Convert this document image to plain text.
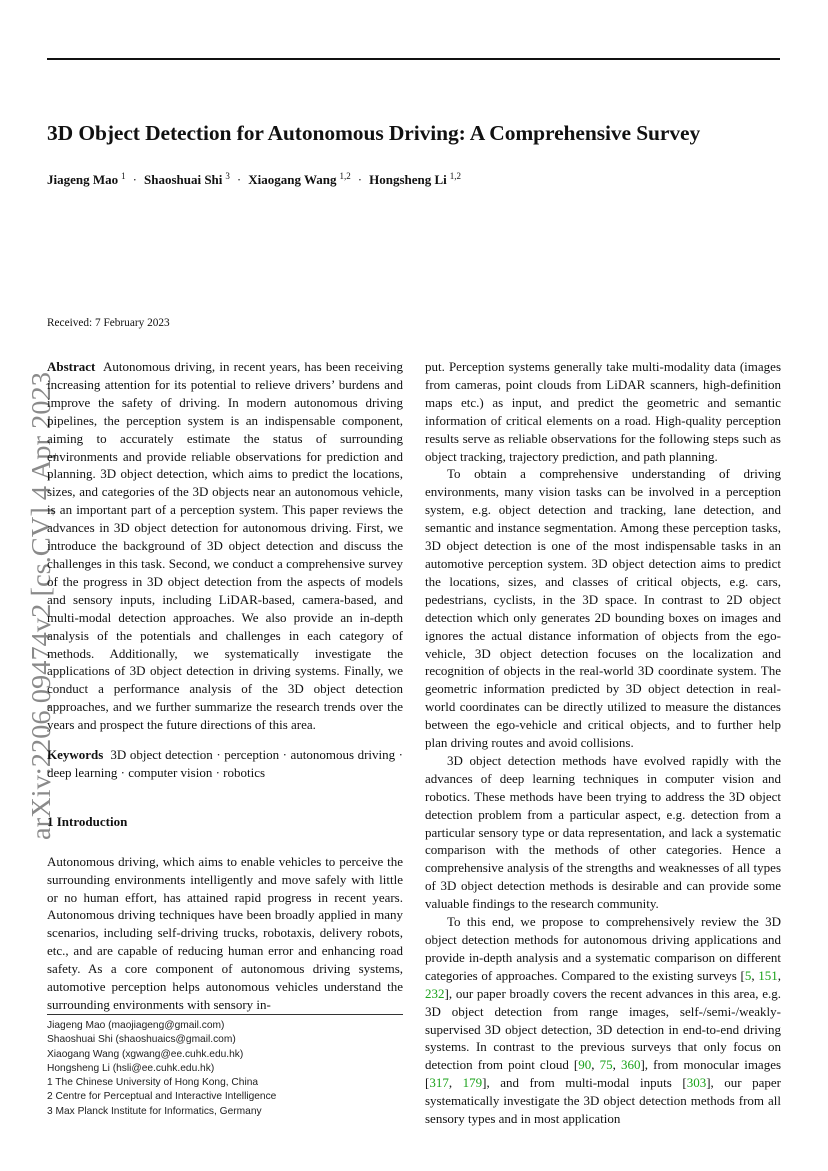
3D Object Detection for Autonomous Driving: A Comprehensive Survey
Jiageng Mao $^1$ · Shaoshuai Shi $^3$ · Xiaogang Wang $^{1,2}$ · Hongsheng Li $^{1,2}$
Received: 7 February 2023
arXiv:2206.09474v2 [cs.CV] 4 Apr 2023

Abstract Autonomous driving, in recent years, has been receiving increasing attention for its potential to relieve drivers’ burdens and improve the safety of driving. In modern autonomous driving pipelines, the perception system is an indispensable component, aiming to accurately estimate the status of surrounding environments and provide reliable observations for prediction and planning. 3D object detection, which aims to predict the locations, sizes, and categories of the 3D objects near an autonomous vehicle, is an important part of a perception system. This paper reviews the advances in 3D object detection for autonomous driving. First, we introduce the background of 3D object detection and discuss the challenges in this task. Second, we conduct a comprehensive survey of the progress in 3D object detection from the aspects of models and sensory inputs, including LiDAR-based, camera-based, and multi-modal detection approaches. We also provide an in-depth analysis of the potentials and challenges in each category of methods. Additionally, we systematically investigate the applications of 3D object detection in driving systems. Finally, we conduct a performance analysis of the 3D object detection approaches, and we further summarize the research trends over the years and prospect the future directions of this area.

Keywords 3D object detection · perception · autonomous driving · deep learning · computer vision · robotics

1 Introduction

Autonomous driving, which aims to enable vehicles to perceive the surrounding environments intelligently and move safely with little or no human effort, has attained rapid progress in recent years. Autonomous driving techniques have been broadly applied in many scenarios, including self-driving trucks, robotaxis, delivery robots, etc., and are capable of reducing human error and enhancing road safety. As a core component of autonomous driving systems, automotive perception helps autonomous vehicles understand the surrounding environments with sensory in-

put. Perception systems generally take multi-modality data (images from cameras, point clouds from LiDAR scanners, high-definition maps etc.) as input, and predict the geometric and semantic information of critical elements on a road. High-quality perception results serve as reliable observations for the following steps such as object tracking, trajectory prediction, and path planning.

To obtain a comprehensive understanding of driving environments, many vision tasks can be involved in a perception system, e.g. object detection and tracking, lane detection, and semantic and instance segmentation. Among these perception tasks, 3D object detection is one of the most indispensable tasks in an automotive perception system. 3D object detection aims to predict the locations, sizes, and classes of critical objects, e.g. cars, pedestrians, cyclists, in the 3D space. In contrast to 2D object detection which only generates 2D bounding boxes on images and ignores the actual distance information of objects from the ego-vehicle, 3D object detection focuses on the localization and recognition of objects in the real-world 3D coordinate system. The geometric information predicted by 3D object detection in real-world coordinates can be directly utilized to measure the distances between the ego-vehicle and critical objects, and to further help plan driving routes and avoid collisions.

3D object detection methods have evolved rapidly with the advances of deep learning techniques in computer vision and robotics. These methods have been trying to address the 3D object detection problem from a particular aspect, e.g. detection from a particular sensory type or data representation, and lack a systematic comparison with the methods of other categories. Hence a comprehensive analysis of the strengths and weaknesses of all types of 3D object detection methods is desirable and can provide some valuable findings to the research community.

To this end, we propose to comprehensively review the 3D object detection methods for autonomous driving applications and provide in-depth analysis and a systematic comparison on different categories of approaches. Compared to the existing surveys [5, 151, 232], our paper broadly covers the recent advances in this area, e.g. 3D object detection from range images, self-/semi-/weakly-supervised 3D object detection, 3D detection in end-to-end driving systems. In contrast to the previous surveys that only focus on detection from point cloud [90, 75, 360], from monocular images [317, 179], and from multi-modal inputs [303], our paper systematically investigate the 3D object detection methods from all sensory types and in most application

Jiageng Mao (maojiageng@gmail.com)
Shaoshuai Shi (shaoshuaics@gmail.com)
Xiaogang Wang (xgwang@ee.cuhk.edu.hk)
Hongsheng Li (hsli@ee.cuhk.edu.hk)
1 The Chinese University of Hong Kong, China
2 Centre for Perceptual and Interactive Intelligence
3 Max Planck Institute for Informatics, Germany
